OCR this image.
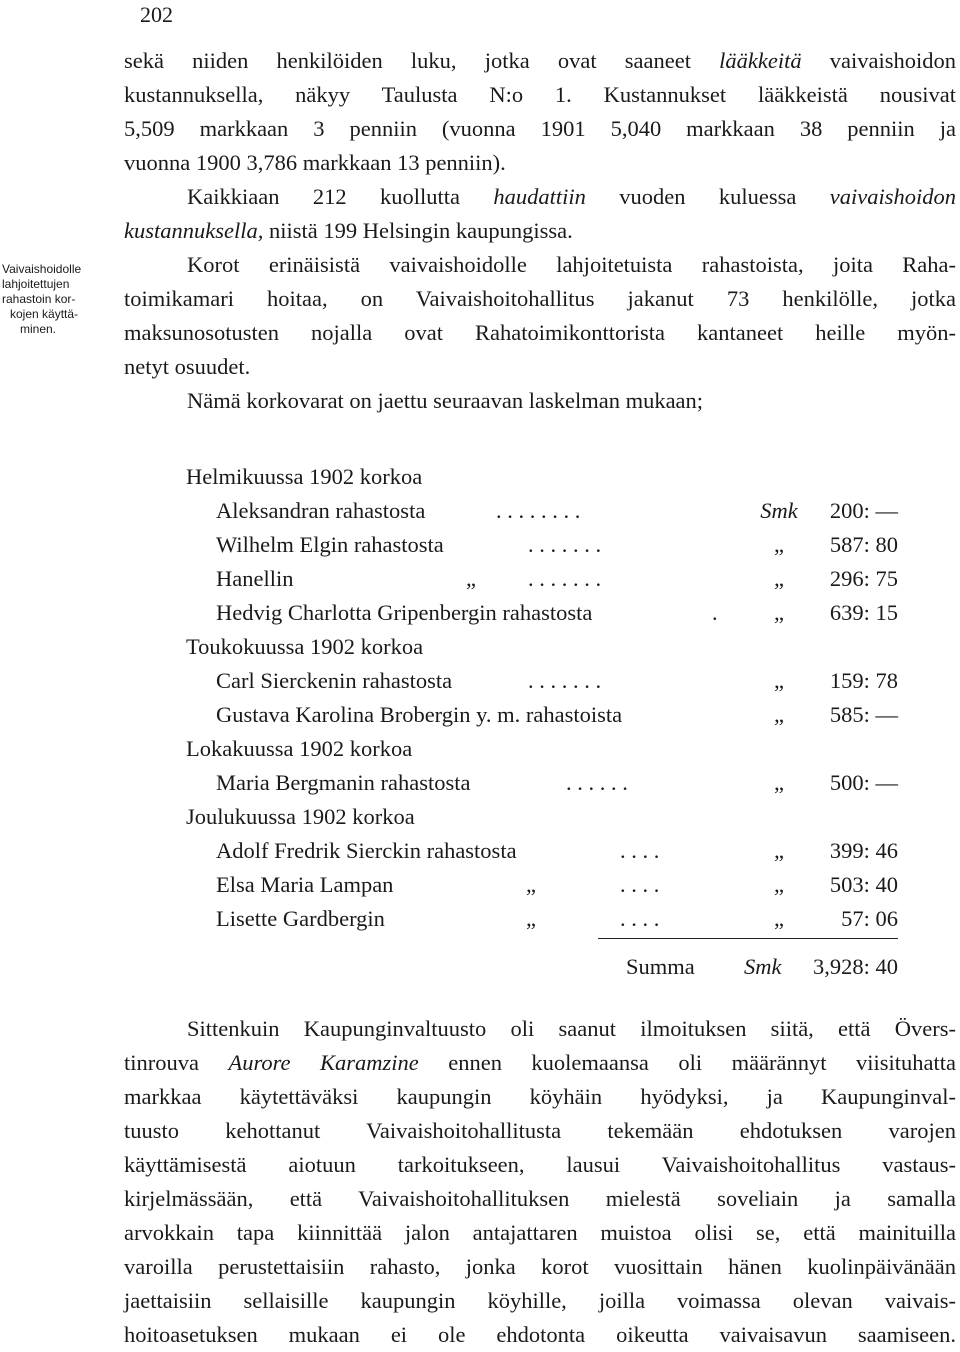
202
Vaivaishoidolle
lahjoitettujen
rahastoin kor-
kojen käyttä-
minen.
sekä niiden henkilöiden luku, jotka ovat saaneet lääkkeitä vaivaishoidon
kustannuksella, näkyy Taulusta N:o 1. Kustannukset lääkkeistä nousivat
5,509 markkaan 3 penniin (vuonna 1901 5,040 markkaan 38 penniin ja
vuonna 1900 3,786 markkaan 13 penniin).
Kaikkiaan 212 kuollutta haudattiin vuoden kuluessa vaivaishoidon
kustannuksella, niistä 199 Helsingin kaupungissa.
Korot erinäisistä vaivaishoidolle lahjoitetuista rahastoista, joita Raha-
toimikamari hoitaa, on Vaivaishoitohallitus jakanut 73 henkilölle, jotka
maksunosotusten nojalla ovat Rahatoimikonttorista kantaneet heille myön-
netyt osuudet.
Nämä korkovarat on jaettu seuraavan laskelman mukaan;
Helmikuussa 1902 korkoa
Aleksandran rahastosta	. . . . . . . .	Smk 200: —
Wilhelm Elgin rahastosta	. . . . . . .	„	587: 80
Hanellin	„	. . . . . . .	„	296: 75
Hedvig Charlotta Gripenbergin rahastosta	.	„	639: 15
Toukokuussa 1902 korkoa
Carl Sierckenin rahastosta	. . . . . . .	„	159: 78
Gustava Karolina Brobergin y. m. rahastoista	„	585: —
Lokakuussa 1902 korkoa
Maria Bergmanin rahastosta	. . . . . .	„	500: —
Joulukuussa 1902 korkoa
Adolf Fredrik Sierckin rahastosta	. . . .	„	399: 46
Elsa Maria Lampan	„	. . . .	„	503: 40
Lisette Gardbergin	„	. . . .	„	57: 06
Summa Smk 3,928: 40
Sittenkuin Kaupunginvaltuusto oli saanut ilmoituksen siitä, että Övers-
tinrouva Aurore Karamzine ennen kuolemaansa oli määrännyt viisituhatta
markkaa käytettäväksi kaupungin köyhäin hyödyksi, ja Kaupunginval-
tuusto kehottanut Vaivaishoitohallitusta tekemään ehdotuksen varojen
käyttämisestä aiotuun tarkoitukseen, lausui Vaivaishoitohallitus vastaus-
kirjelmässään, että Vaivaishoitohallituksen mielestä soveliain ja samalla
arvokkain tapa kiinnittää jalon antajattaren muistoa olisi se, että mainituilla
varoilla perustettaisiin rahasto, jonka korot vuosittain hänen kuolinpäivänään
jaettaisiin sellaisille kaupungin köyhille, joilla voimassa olevan vaivais-
hoitoasetuksen mukaan ei ole ehdotonta oikeutta vaivaisavun saamiseen.
